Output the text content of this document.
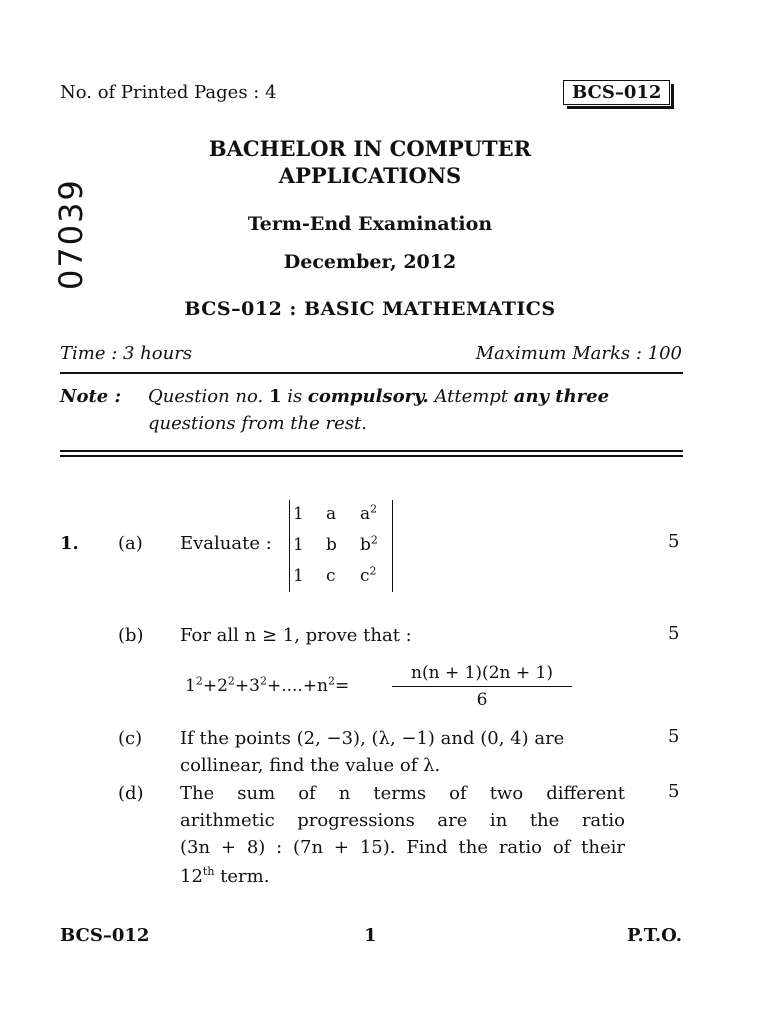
No. of Printed Pages : 4	BCS–012
07039
BACHELOR IN COMPUTER
APPLICATIONS
Term-End Examination
December, 2012
BCS–012 : BASIC MATHEMATICS
Time : 3 hours	Maximum Marks : 100
Note : Question no. 1 is compulsory. Attempt any three
questions from the rest.
1. (a) Evaluate :
1 a $a^2$
1 b $b^2$
1 c $c^2$
5
(b) For all n ≥ 1, prove that :	5
$1^2+2^2+3^2+....+n^2=$
n(n + 1)(2n + 1)
6
(c) If the points (2, −3), (λ, −1) and (0, 4) are
collinear, find the value of λ.
5
(d) The sum of n terms of two different
arithmetic progressions are in the ratio
(3n + 8) : (7n + 15). Find the ratio of their
12th term.
5
BCS–012	1	P.T.O.
